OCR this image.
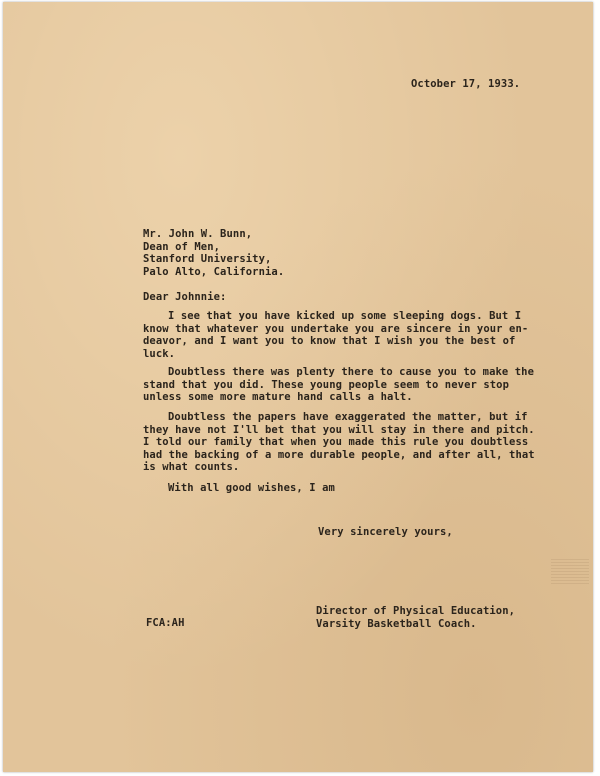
October 17, 1933.
Mr. John W. Bunn,
Dean of Men,
Stanford University,
Palo Alto, California.
Dear Johnnie:
I see that you have kicked up some sleeping dogs. But I
know that whatever you undertake you are sincere in your en-
deavor, and I want you to know that I wish you the best of
luck.
Doubtless there was plenty there to cause you to make the
stand that you did. These young people seem to never stop
unless some more mature hand calls a halt.
Doubtless the papers have exaggerated the matter, but if
they have not I'll bet that you will stay in there and pitch.
I told our family that when you made this rule you doubtless
had the backing of a more durable people, and after all, that
is what counts.
With all good wishes, I am
Very sincerely yours,
Director of Physical Education,
Varsity Basketball Coach.
FCA:AH
